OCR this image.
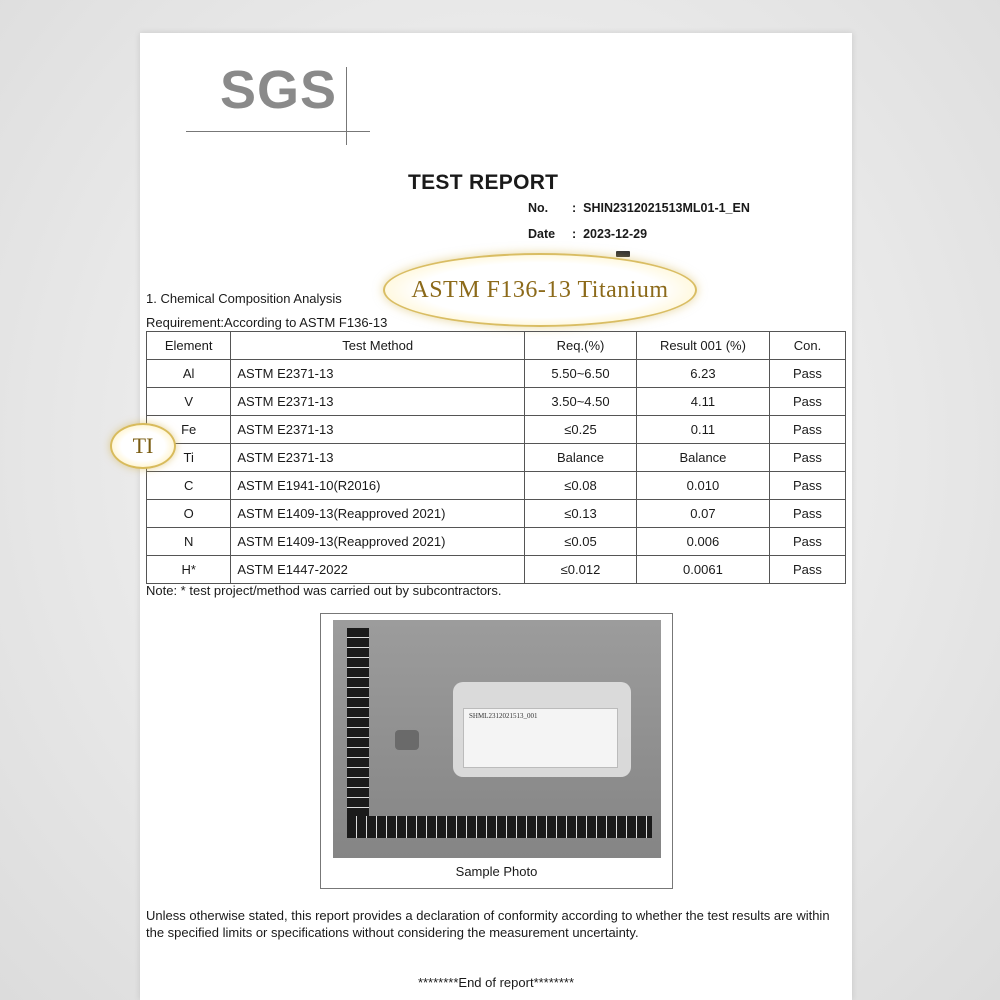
SGS
TEST REPORT
No. :  SHIN2312021513ML01-1_EN
Date :  2023-12-29
1. Chemical Composition Analysis
Requirement:According to ASTM F136-13
ASTM F136-13 Titanium
Element	Test Method	Req.(%)	Result 001 (%)	Con.
Al	ASTM E2371-13	5.50~6.50	6.23	Pass
V	ASTM E2371-13	3.50~4.50	4.11	Pass
Fe	ASTM E2371-13	≤0.25	0.11	Pass
Ti	ASTM E2371-13	Balance	Balance	Pass
C	ASTM E1941-10(R2016)	≤0.08	0.010	Pass
O	ASTM E1409-13(Reapproved 2021)	≤0.13	0.07	Pass
N	ASTM E1409-13(Reapproved 2021)	≤0.05	0.006	Pass
H*	ASTM E1447-2022	≤0.012	0.0061	Pass
TI
Note: * test project/method was carried out by subcontractors.
SHML2312021513_001
Sample Photo
Unless otherwise stated, this report provides a declaration of conformity according to whether the test results are within the specified limits or specifications without considering the measurement uncertainty.
********End of report********
